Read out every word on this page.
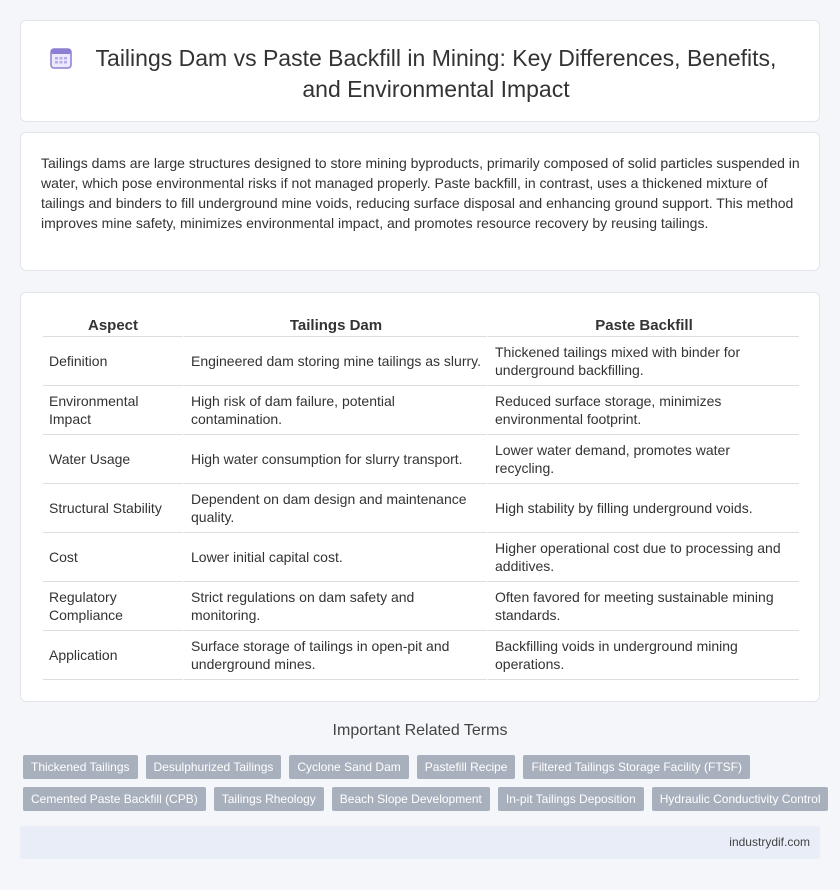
Tailings Dam vs Paste Backfill in Mining: Key Differences, Benefits, and Environmental Impact

Tailings dams are large structures designed to store mining byproducts, primarily composed of solid particles suspended in water, which pose environmental risks if not managed properly. Paste backfill, in contrast, uses a thickened mixture of tailings and binders to fill underground mine voids, reducing surface disposal and enhancing ground support. This method improves mine safety, minimizes environmental impact, and promotes resource recovery by reusing tailings.

Aspect	Tailings Dam	Paste Backfill
Definition	Engineered dam storing mine tailings as slurry.	Thickened tailings mixed with binder for underground backfilling.
Environmental Impact	High risk of dam failure, potential contamination.	Reduced surface storage, minimizes environmental footprint.
Water Usage	High water consumption for slurry transport.	Lower water demand, promotes water recycling.
Structural Stability	Dependent on dam design and maintenance quality.	High stability by filling underground voids.
Cost	Lower initial capital cost.	Higher operational cost due to processing and additives.
Regulatory Compliance	Strict regulations on dam safety and monitoring.	Often favored for meeting sustainable mining standards.
Application	Surface storage of tailings in open-pit and underground mines.	Backfilling voids in underground mining operations.
Important Related Terms
Thickened Tailings	Desulphurized Tailings	Cyclone Sand Dam	Pastefill Recipe	Filtered Tailings Storage Facility (FTSF)
Cemented Paste Backfill (CPB)	Tailings Rheology	Beach Slope Development	In-pit Tailings Deposition	Hydraulic Conductivity Control
industrydif.com
